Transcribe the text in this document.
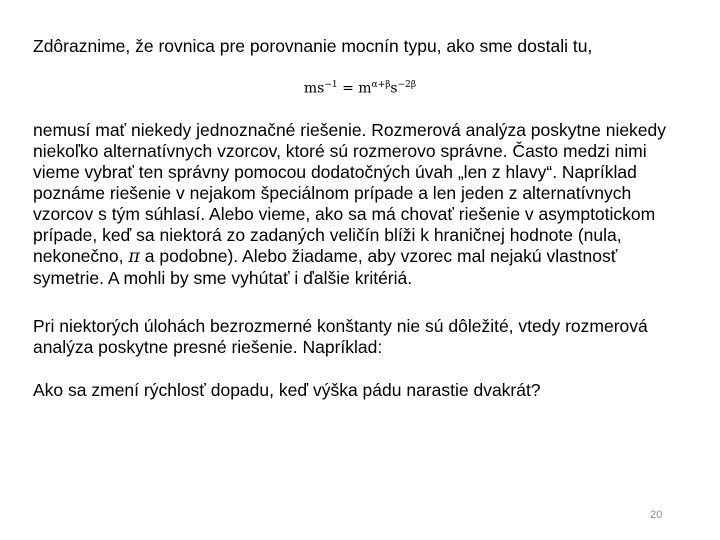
Zdôraznime, že rovnica pre porovnanie mocnín typu, ako sme dostali tu,
$ms^{-1} = m^{\alpha+\beta}s^{-2\beta}$
nemusí mať niekedy jednoznačné riešenie. Rozmerová analýza poskytne niekedy
niekoľko alternatívnych vzorcov, ktoré sú rozmerovo správne. Často medzi nimi
vieme vybrať ten správny pomocou dodatočných úvah „len z hlavy“. Napríklad
poznáme riešenie v nejakom špeciálnom prípade a len jeden z alternatívnych
vzorcov s tým súhlasí. Alebo vieme, ako sa má chovať riešenie v asymptotickom
prípade, keď sa niektorá zo zadaných veličín blíži k hraničnej hodnote (nula,
nekonečno, π a podobne). Alebo žiadame, aby vzorec mal nejakú vlastnosť
symetrie. A mohli by sme vyhútať i ďalšie kritériá.
Pri niektorých úlohách bezrozmerné konštanty nie sú dôležité, vtedy rozmerová
analýza poskytne presné riešenie. Napríklad:
Ako sa zmení rýchlosť dopadu, keď výška pádu narastie dvakrát?
20
